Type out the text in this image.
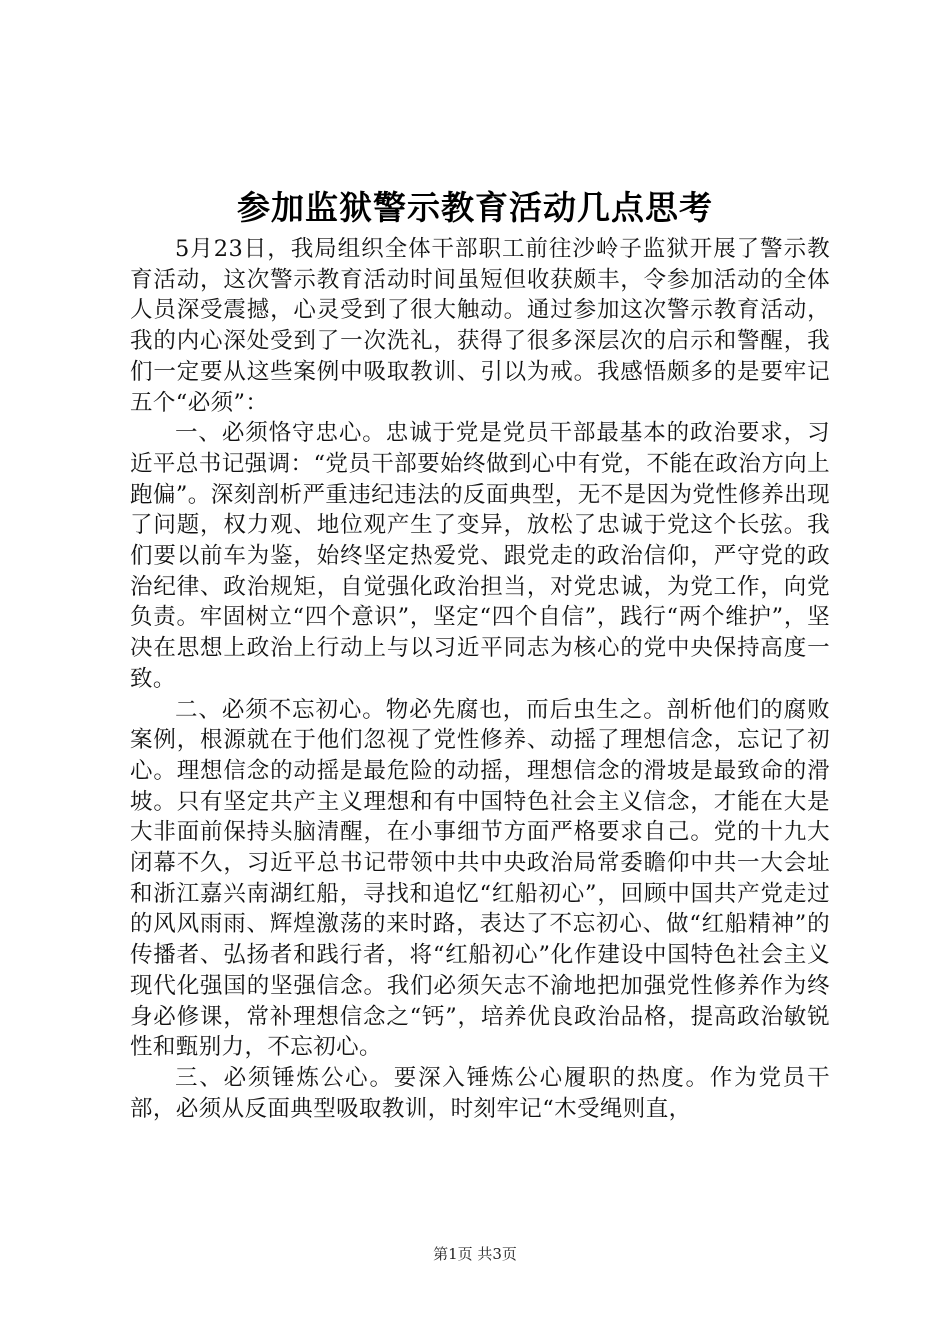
参加监狱警示教育活动几点思考

5月23日，我局组织全体干部职工前往沙岭子监狱开展了警示教育活动，这次警示教育活动时间虽短但收获颇丰，令参加活动的全体人员深受震撼，心灵受到了很大触动。通过参加这次警示教育活动，我的内心深处受到了一次洗礼，获得了很多深层次的启示和警醒，我们一定要从这些案例中吸取教训、引以为戒。我感悟颇多的是要牢记五个“必须”：

一、必须恪守忠心。忠诚于党是党员干部最基本的政治要求，习近平总书记强调：“党员干部要始终做到心中有党，不能在政治方向上跑偏”。深刻剖析严重违纪违法的反面典型，无不是因为党性修养出现了问题，权力观、地位观产生了变异，放松了忠诚于党这个长弦。我们要以前车为鉴，始终坚定热爱党、跟党走的政治信仰，严守党的政治纪律、政治规矩，自觉强化政治担当，对党忠诚，为党工作，向党负责。牢固树立“四个意识”，坚定“四个自信”，践行“两个维护”，坚决在思想上政治上行动上与以习近平同志为核心的党中央保持高度一致。

二、必须不忘初心。物必先腐也，而后虫生之。剖析他们的腐败案例，根源就在于他们忽视了党性修养、动摇了理想信念，忘记了初心。理想信念的动摇是最危险的动摇，理想信念的滑坡是最致命的滑坡。只有坚定共产主义理想和有中国特色社会主义信念，才能在大是大非面前保持头脑清醒，在小事细节方面严格要求自己。党的十九大闭幕不久，习近平总书记带领中共中央政治局常委瞻仰中共一大会址和浙江嘉兴南湖红船，寻找和追忆“红船初心”，回顾中国共产党走过的风风雨雨、辉煌激荡的来时路，表达了不忘初心、做“红船精神”的传播者、弘扬者和践行者，将“红船初心”化作建设中国特色社会主义现代化强国的坚强信念。我们必须矢志不渝地把加强党性修养作为终身必修课，常补理想信念之“钙”，培养优良政治品格，提高政治敏锐性和甄别力，不忘初心。

三、必须锤炼公心。要深入锤炼公心履职的热度。作为党员干部，必须从反面典型吸取教训，时刻牢记“木受绳则直，

第1页 共3页
